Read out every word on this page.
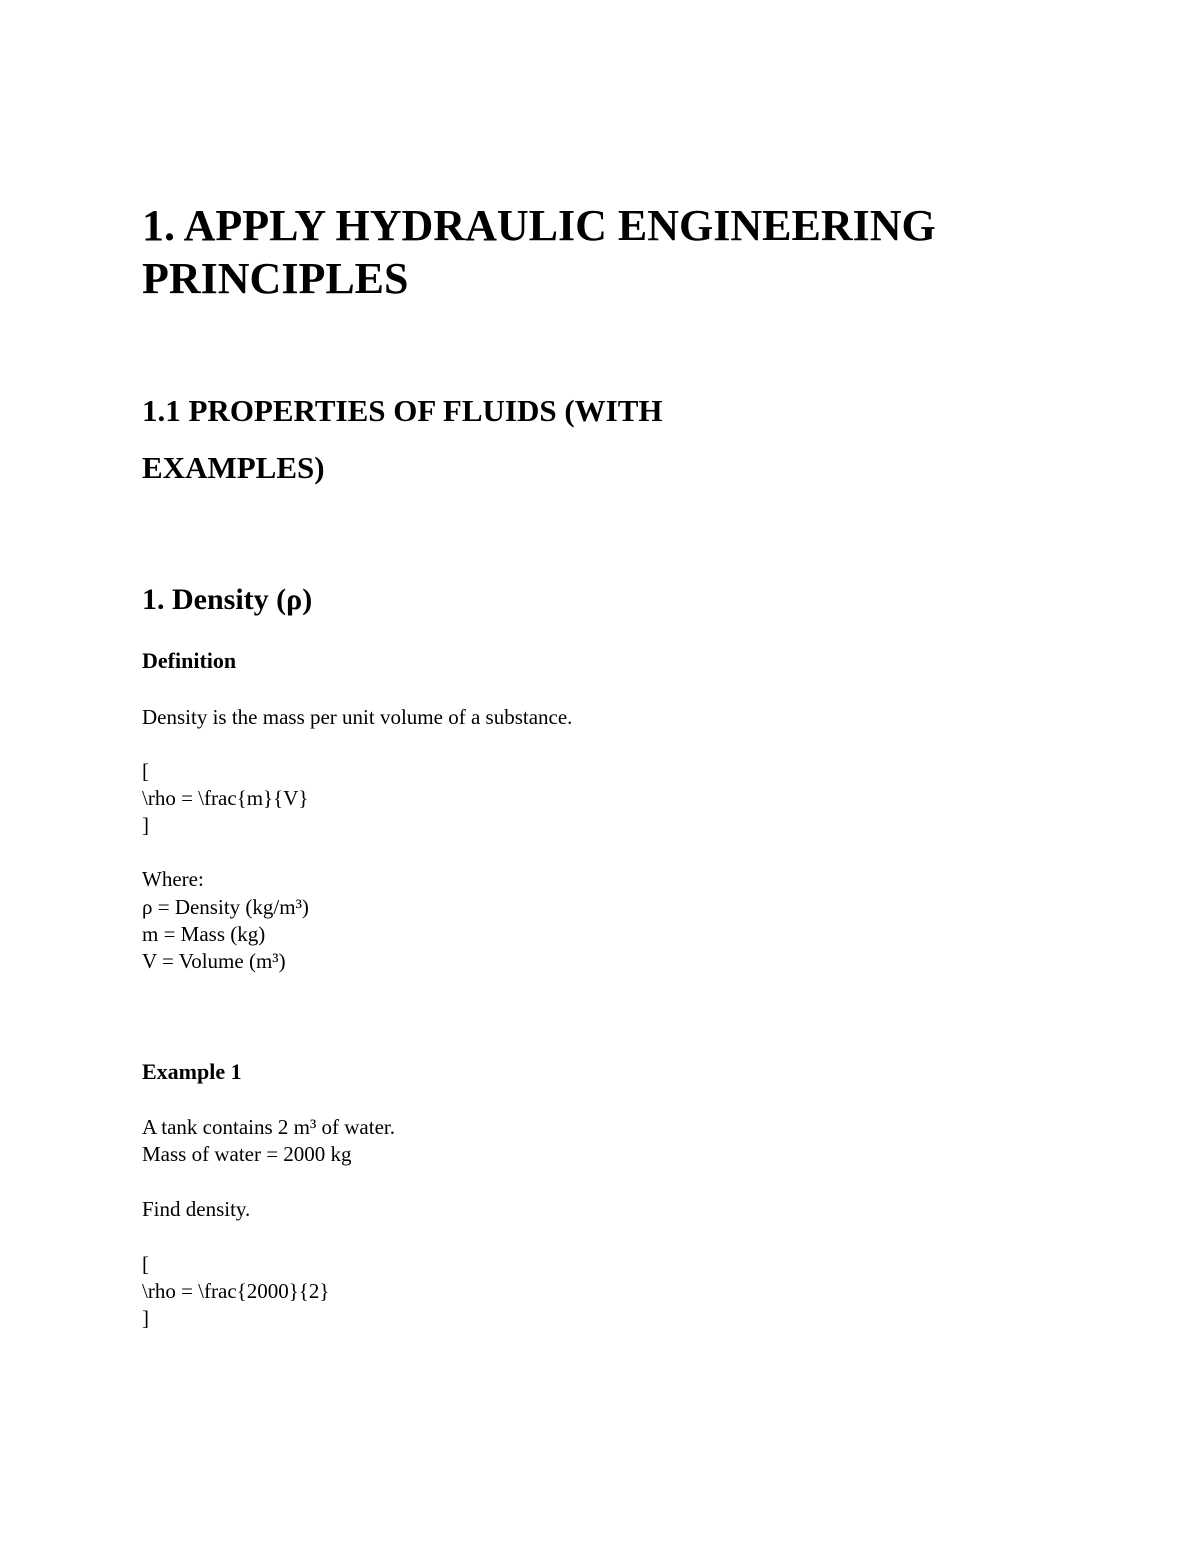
1. APPLY HYDRAULIC ENGINEERING
PRINCIPLES
1.1 PROPERTIES OF FLUIDS (WITH
EXAMPLES)
1. Density (ρ)
Definition

Density is the mass per unit volume of a substance.

[

\rho = \frac{m}{V}

]

Where:

ρ = Density (kg/m³)

m = Mass (kg)

V = Volume (m³)

Example 1

A tank contains 2 m³ of water.

Mass of water = 2000 kg

Find density.

[

\rho = \frac{2000}{2}

]
